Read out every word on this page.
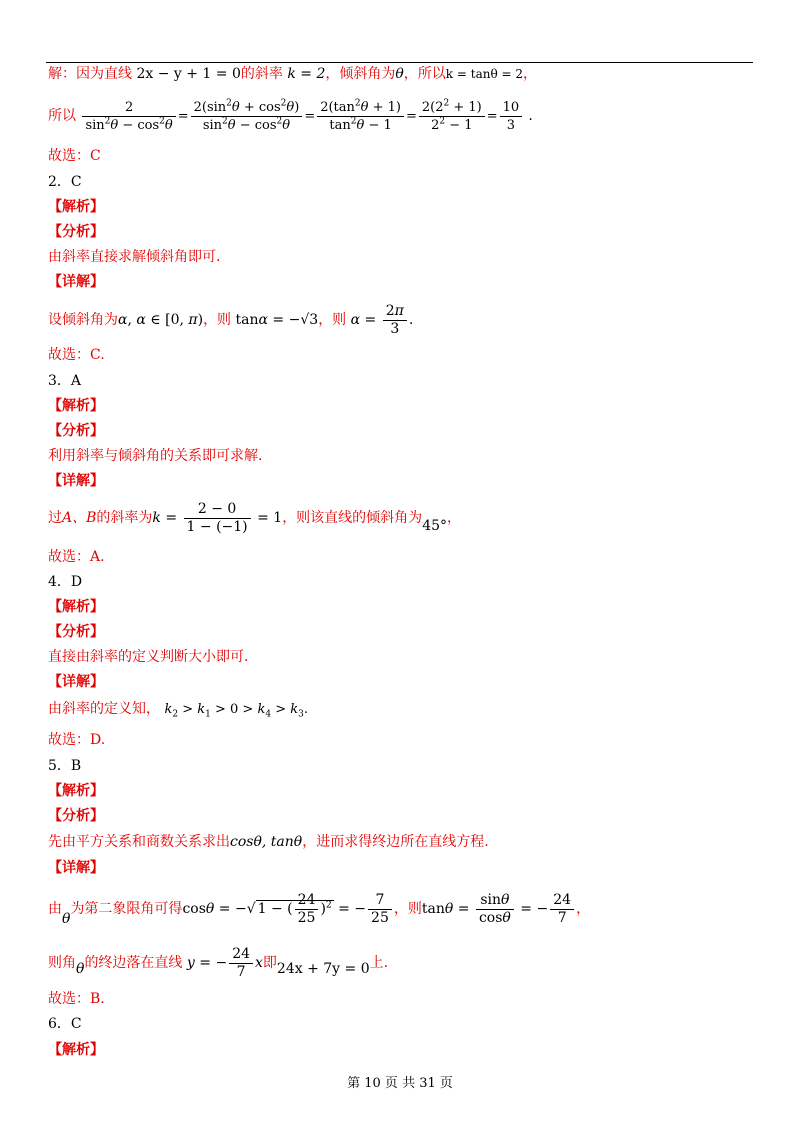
解：因为直线 2x − y + 1 = 0的斜率 k = 2，倾斜角为θ，所以k = tanθ = 2，
所以 $\frac{2}{\sin^2\theta - \cos^2\theta} = \frac{2(\sin^2\theta + \cos^2\theta)}{\sin^2\theta - \cos^2\theta} = \frac{2(\tan^2\theta + 1)}{\tan^2\theta - 1} = \frac{2(2^2 + 1)}{2^2 - 1} = \frac{10}{3}$ .
故选：C
2．C
【解析】
【分析】
由斜率直接求解倾斜角即可.
【详解】
设倾斜角为α, α ∈ [0, π)，则 tanα = −√3，则 $\alpha = \frac{2\pi}{3}$ .
故选：C.
3．A
【解析】
【分析】
利用斜率与倾斜角的关系即可求解.
【详解】
过A、B的斜率为$k = \frac{2 - 0}{1 - (-1)} = 1$，则该直线的倾斜角为45°，
故选：A.
4．D
【解析】
【分析】
直接由斜率的定义判断大小即可.
【详解】
由斜率的定义知， $k_2 > k_1 > 0 > k_4 > k_3$.
故选：D.
5．B
【解析】
【分析】
先由平方关系和商数关系求出cosθ, tanθ，进而求得终边所在直线方程.
【详解】
由θ为第二象限角可得cosθ = −√ 1 − ( $\frac{24}{25} )^2$ = − $\frac{7}{25}$ ，则$\tan\theta = \frac{\sin\theta}{\cos\theta}$ = − $\frac{24}{7}$ ，
则角θ的终边落在直线 y = − $\frac{24}{7}$ x即24x + 7y = 0上.
故选：B.
6．C
【解析】
第 10 页 共 31 页
